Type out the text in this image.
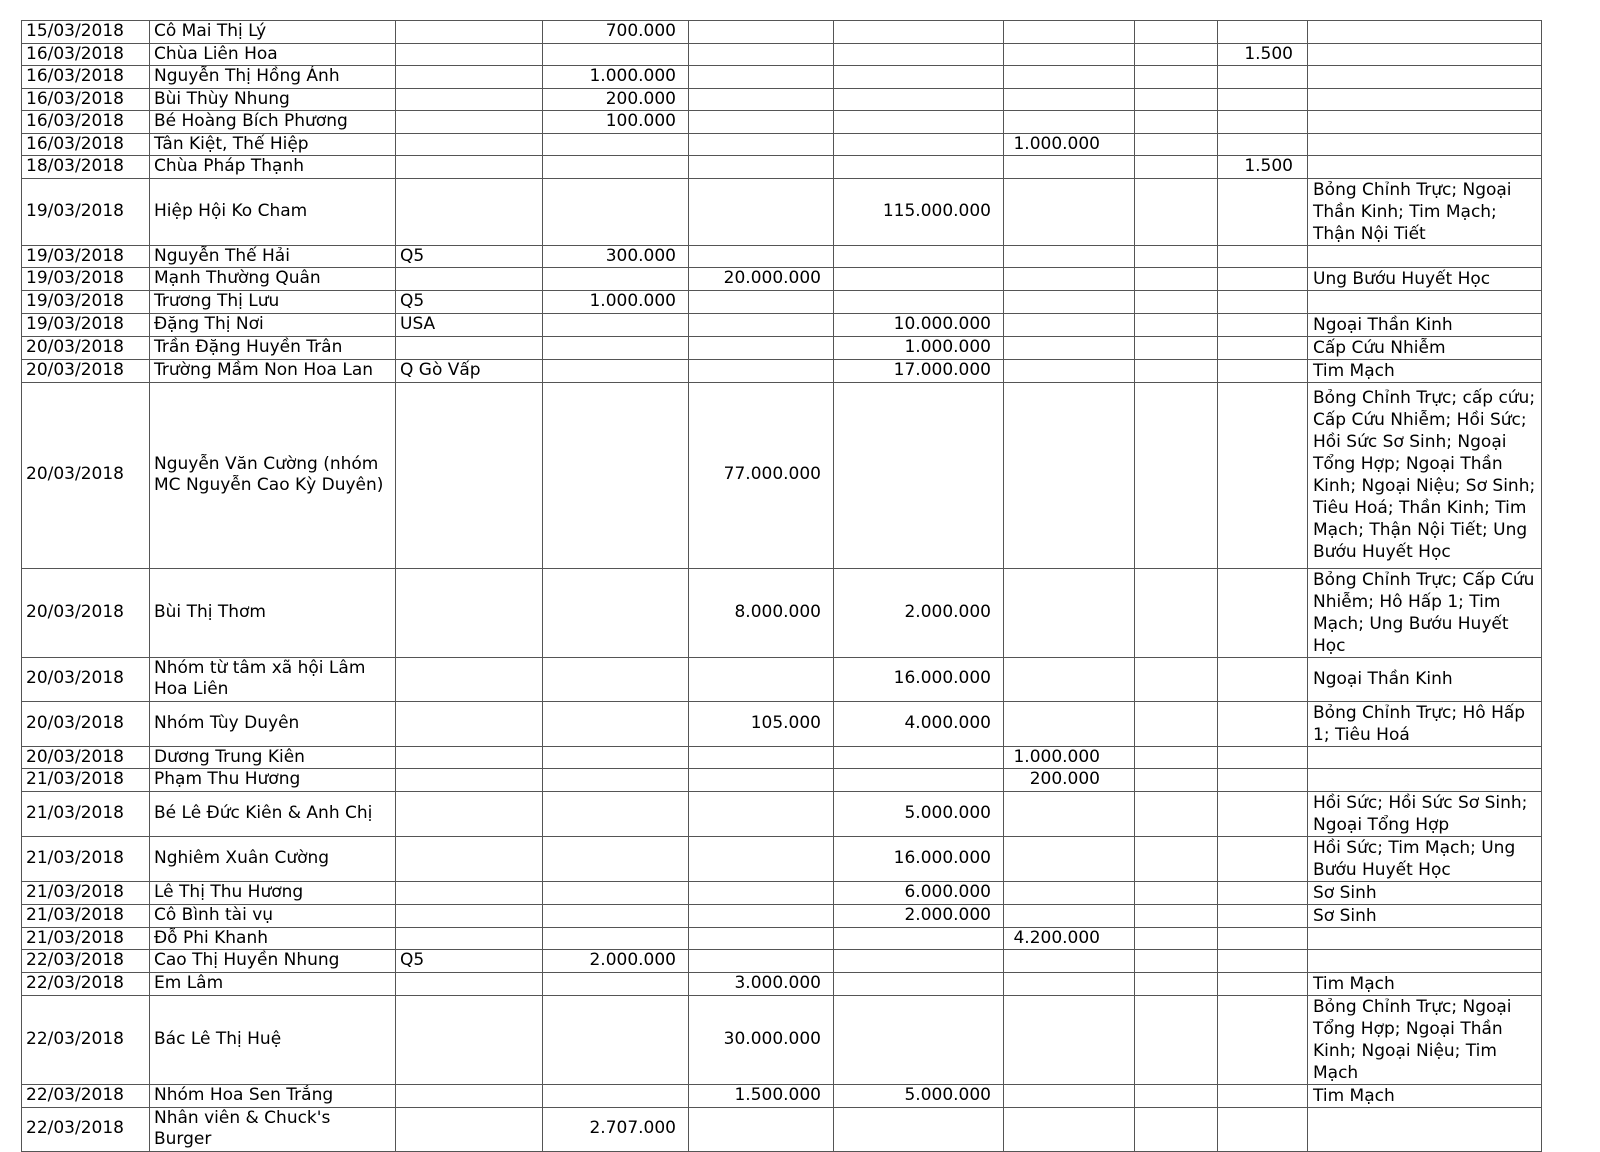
15/03/2018	Cô Mai Thị Lý		700.000						
16/03/2018	Chùa Liên Hoa							1.500	
16/03/2018	Nguyễn Thị Hồng Ánh		1.000.000						
16/03/2018	Bùi Thùy Nhung		200.000						
16/03/2018	Bé Hoàng Bích Phương		100.000						
16/03/2018	Tân Kiệt, Thế Hiệp					1.000.000			
18/03/2018	Chùa Pháp Thạnh							1.500	
19/03/2018	Hiệp Hội Ko Cham				115.000.000				Bỏng Chỉnh Trực; Ngoại Thần Kinh; Tim Mạch; Thận Nội Tiết
19/03/2018	Nguyễn Thế Hải	Q5	300.000						
19/03/2018	Mạnh Thường Quân			20.000.000					Ung Bướu Huyết Học
19/03/2018	Trương Thị Lưu	Q5	1.000.000						
19/03/2018	Đặng Thị Nơi	USA			10.000.000				Ngoại Thần Kinh
20/03/2018	Trần Đặng Huyền Trân				1.000.000				Cấp Cứu Nhiễm
20/03/2018	Trường Mầm Non Hoa Lan	Q Gò Vấp			17.000.000				Tim Mạch
20/03/2018	Nguyễn Văn Cường (nhóm MC Nguyễn Cao Kỳ Duyên)			77.000.000					Bỏng Chỉnh Trực; cấp cứu; Cấp Cứu Nhiễm; Hồi Sức; Hồi Sức Sơ Sinh; Ngoại Tổng Hợp; Ngoại Thần Kinh; Ngoại Niệu; Sơ Sinh; Tiêu Hoá; Thần Kinh; Tim Mạch; Thận Nội Tiết; Ung Bướu Huyết Học
20/03/2018	Bùi Thị Thơm			8.000.000	2.000.000				Bỏng Chỉnh Trực; Cấp Cứu Nhiễm; Hô Hấp 1; Tim Mạch; Ung Bướu Huyết Học
20/03/2018	Nhóm từ tâm xã hội Lâm Hoa Liên				16.000.000				Ngoại Thần Kinh
20/03/2018	Nhóm Tùy Duyên			105.000	4.000.000				Bỏng Chỉnh Trực; Hô Hấp 1; Tiêu Hoá
20/03/2018	Dương Trung Kiên					1.000.000			
21/03/2018	Phạm Thu Hương					200.000			
21/03/2018	Bé Lê Đức Kiên & Anh Chị				5.000.000				Hồi Sức; Hồi Sức Sơ Sinh; Ngoại Tổng Hợp
21/03/2018	Nghiêm Xuân Cường				16.000.000				Hồi Sức; Tim Mạch; Ung Bướu Huyết Học
21/03/2018	Lê Thị Thu Hương				6.000.000				Sơ Sinh
21/03/2018	Cô Bình tài vụ				2.000.000				Sơ Sinh
21/03/2018	Đỗ Phi Khanh					4.200.000			
22/03/2018	Cao Thị Huyền Nhung	Q5	2.000.000						
22/03/2018	Em Lâm			3.000.000					Tim Mạch
22/03/2018	Bác Lê Thị Huệ			30.000.000					Bỏng Chỉnh Trực; Ngoại Tổng Hợp; Ngoại Thần Kinh; Ngoại Niệu; Tim Mạch
22/03/2018	Nhóm Hoa Sen Trắng			1.500.000	5.000.000				Tim Mạch
22/03/2018	Nhân viên & Chuck's Burger		2.707.000						
